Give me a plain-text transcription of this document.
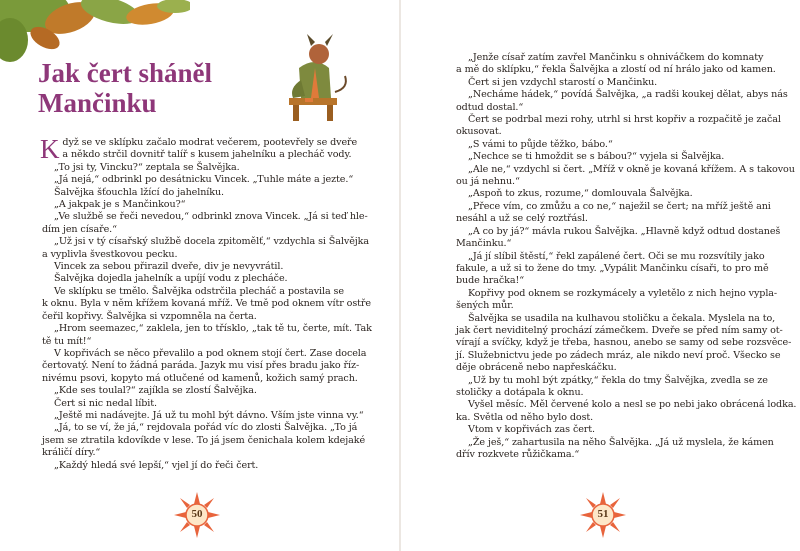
Jak čert sháněl
Mančinku

Když se ve sklípku začalo modrat večerem, pootevřely se dveře

a někdo strčil dovnitř talíř s kusem jahelníku a plecháč vody.

„To jsi ty, Vincku?“ zeptala se Šalvějka.

„Já nejá,“ odbrinkl po desátnicku Vincek. „Tuhle máte a jezte.“

Šalvějka šťouchla lžící do jahelníku.

„A jakpak je s Mančinkou?“

„Ve službě se řeči nevedou,“ odbrinkl znova Vincek. „Já si teď hle-

dím jen císaře.“

„Už jsi v tý císařský službě docela zpitomělť,“ vzdychla si Šalvějka

a vyplivla švestkovou pecku.

Vincek za sebou přirazil dveře, div je nevyvrátil.

Šalvějka dojedla jahelník a upíjí vodu z plecháče.

Ve sklípku se tmělo. Šalvějka odstrčila plecháč a postavila se

k oknu. Byla v něm křížem kovaná mříž. Ve tmě pod oknem vítr ostře

čeřil kopřivy. Šalvějka si vzpomněla na čerta.

„Hrom seemazec,“ zaklela, jen to třísklo, „tak tě tu, čerte, mít. Tak

tě tu mít!“

V kopřivách se něco převalilo a pod oknem stojí čert. Zase docela

čertovatý. Není to žádná paráda. Jazyk mu visí přes bradu jako říz-

nivému psovi, kopyto má otlučené od kamenů, kožich samý prach.

„Kde ses toulal?“ zajíkla se zlostí Šalvějka.

Čert si nic nedal líbit.

„Ještě mi nadávejte. Já už tu mohl být dávno. Vším jste vinna vy.“

„Já, to se ví, že já,“ rejdovala pořád víc do zlosti Šalvějka. „To já

jsem se ztratila kdovíkde v lese. To já jsem čenichala kolem kdejaké

králičí díry.“

„Každý hledá své lepší,“ vjel jí do řeči čert.

50

„Jenže císař zatím zavřel Mančinku s ohniváčkem do komnaty

a mě do sklípku,“ řekla Šalvějka a zlostí od ní hrálo jako od kamen.

Čert si jen vzdychl starostí o Mančinku.

„Necháme hádek,“ povídá Šalvějka, „a radši koukej dělat, abys nás

odtud dostal.“

Čert se podrbal mezi rohy, utrhl si hrst kopřiv a rozpačitě je začal

okusovat.

„S vámi to půjde těžko, bábo.“

„Nechce se ti hmoždit se s bábou?“ vyjela si Šalvějka.

„Ale ne,“ vzdychl si čert. „Mříž v okně je kovaná křížem. A s takovou

ou já nehnu.“

„Aspoň to zkus, rozume,“ domlouvala Šalvějka.

„Přece vím, co zmůžu a co ne,“ naježil se čert; na mříž ještě ani

nesáhl a už se celý roztřásl.

„A co by já?“ mávla rukou Šalvějka. „Hlavně když odtud dostaneš

Mančinku.“

„Já jí slíbil štěstí,“ řekl zapálené čert. Oči se mu rozsvítily jako

fakule, a už si to žene do tmy. „Vypálit Mančinku císaři, to pro mě

bude hračka!“

Kopřivy pod oknem se rozkymácely a vyletělo z nich hejno vypla-

šených můr.

Šalvějka se usadila na kulhavou stoličku a čekala. Myslela na to,

jak čert neviditelný prochází zámečkem. Dveře se před ním samy ot-

vírají a svíčky, když je třeba, hasnou, anebo se samy od sebe rozsvěce-

jí. Služebnictvu jede po zádech mráz, ale nikdo neví proč. Všecko se

děje obráceně nebo napřeskáčku.

„Už by tu mohl být zpátky,“ řekla do tmy Šalvějka, zvedla se ze

stoličky a dotápala k oknu.

Vyšel měsíc. Měl červené kolo a nesl se po nebi jako obrácená lodka.

ka. Světla od něho bylo dost.

Vtom v kopřivách zas čert.

„Že ješ,“ zahartusila na něho Šalvějka. „Já už myslela, že kámen

dřív rozkvete růžičkama.“

51
